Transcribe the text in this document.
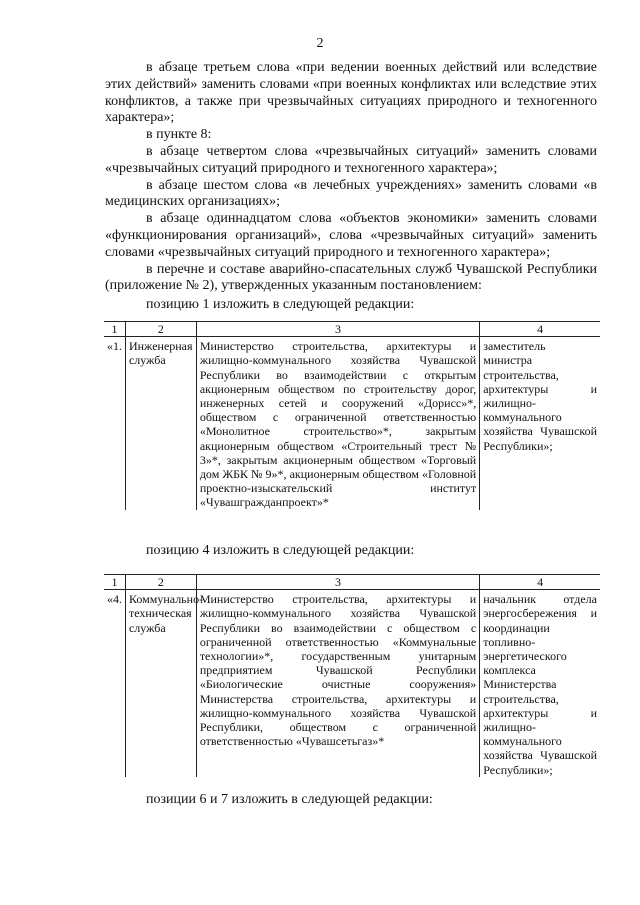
2

в абзаце третьем слова «при ведении военных действий или вследствие этих действий» заменить словами «при военных конфликтах или вследствие этих конфликтов, а также при чрезвычайных ситуациях природного и техногенного характера»;

в пункте 8:

в абзаце четвертом слова «чрезвычайных ситуаций» заменить словами «чрезвычайных ситуаций природного и техногенного характера»;

в абзаце шестом слова «в лечебных учреждениях» заменить словами «в медицинских организациях»;

в абзаце одиннадцатом слова «объектов экономики» заменить словами «функционирования организаций», слова «чрезвычайных ситуаций» заменить словами «чрезвычайных ситуаций природного и техногенного характера»;

в перечне и составе аварийно-спасательных служб Чувашской Республики (приложение № 2), утвержденных указанным постановлением:

позицию 1 изложить в следующей редакции:
1	2	3	4
«1.	Инженерная служба	Министерство строительства, архитектуры и жилищно-коммунального хозяйства Чувашской Республики во взаимодействии с открытым акционерным обществом по строительству дорог, инженерных сетей и сооружений «Дорисс»*, обществом с ограниченной ответственностью «Монолитное строительство»*, закрытым акционерным обществом «Строительный трест № 3»*, закрытым акционерным обществом «Торговый дом ЖБК № 9»*, акционерным обществом «Головной проектно-изыскательский институт «Чувашгражданпроект»*	заместитель министра строительства, архитектуры и жилищно-коммунального хозяйства Чувашской Республики»;
позицию 4 изложить в следующей редакции:
1	2	3	4
«4.	Коммунально-техническая служба	Министерство строительства, архитектуры и жилищно-коммунального хозяйства Чувашской Республики во взаимодействии с обществом с ограниченной ответственностью «Коммунальные технологии»*, государственным унитарным предприятием Чувашской Республики «Биологические очистные сооружения» Министерства строительства, архитектуры и жилищно-коммунального хозяйства Чувашской Республики, обществом с ограниченной ответственностью «Чувашсетьгаз»*	начальник отдела энергосбережения и координации топливно-энергетического комплекса Министерства строительства, архитектуры и жилищно-коммунального хозяйства Чувашской Республики»;
позиции 6 и 7 изложить в следующей редакции:
